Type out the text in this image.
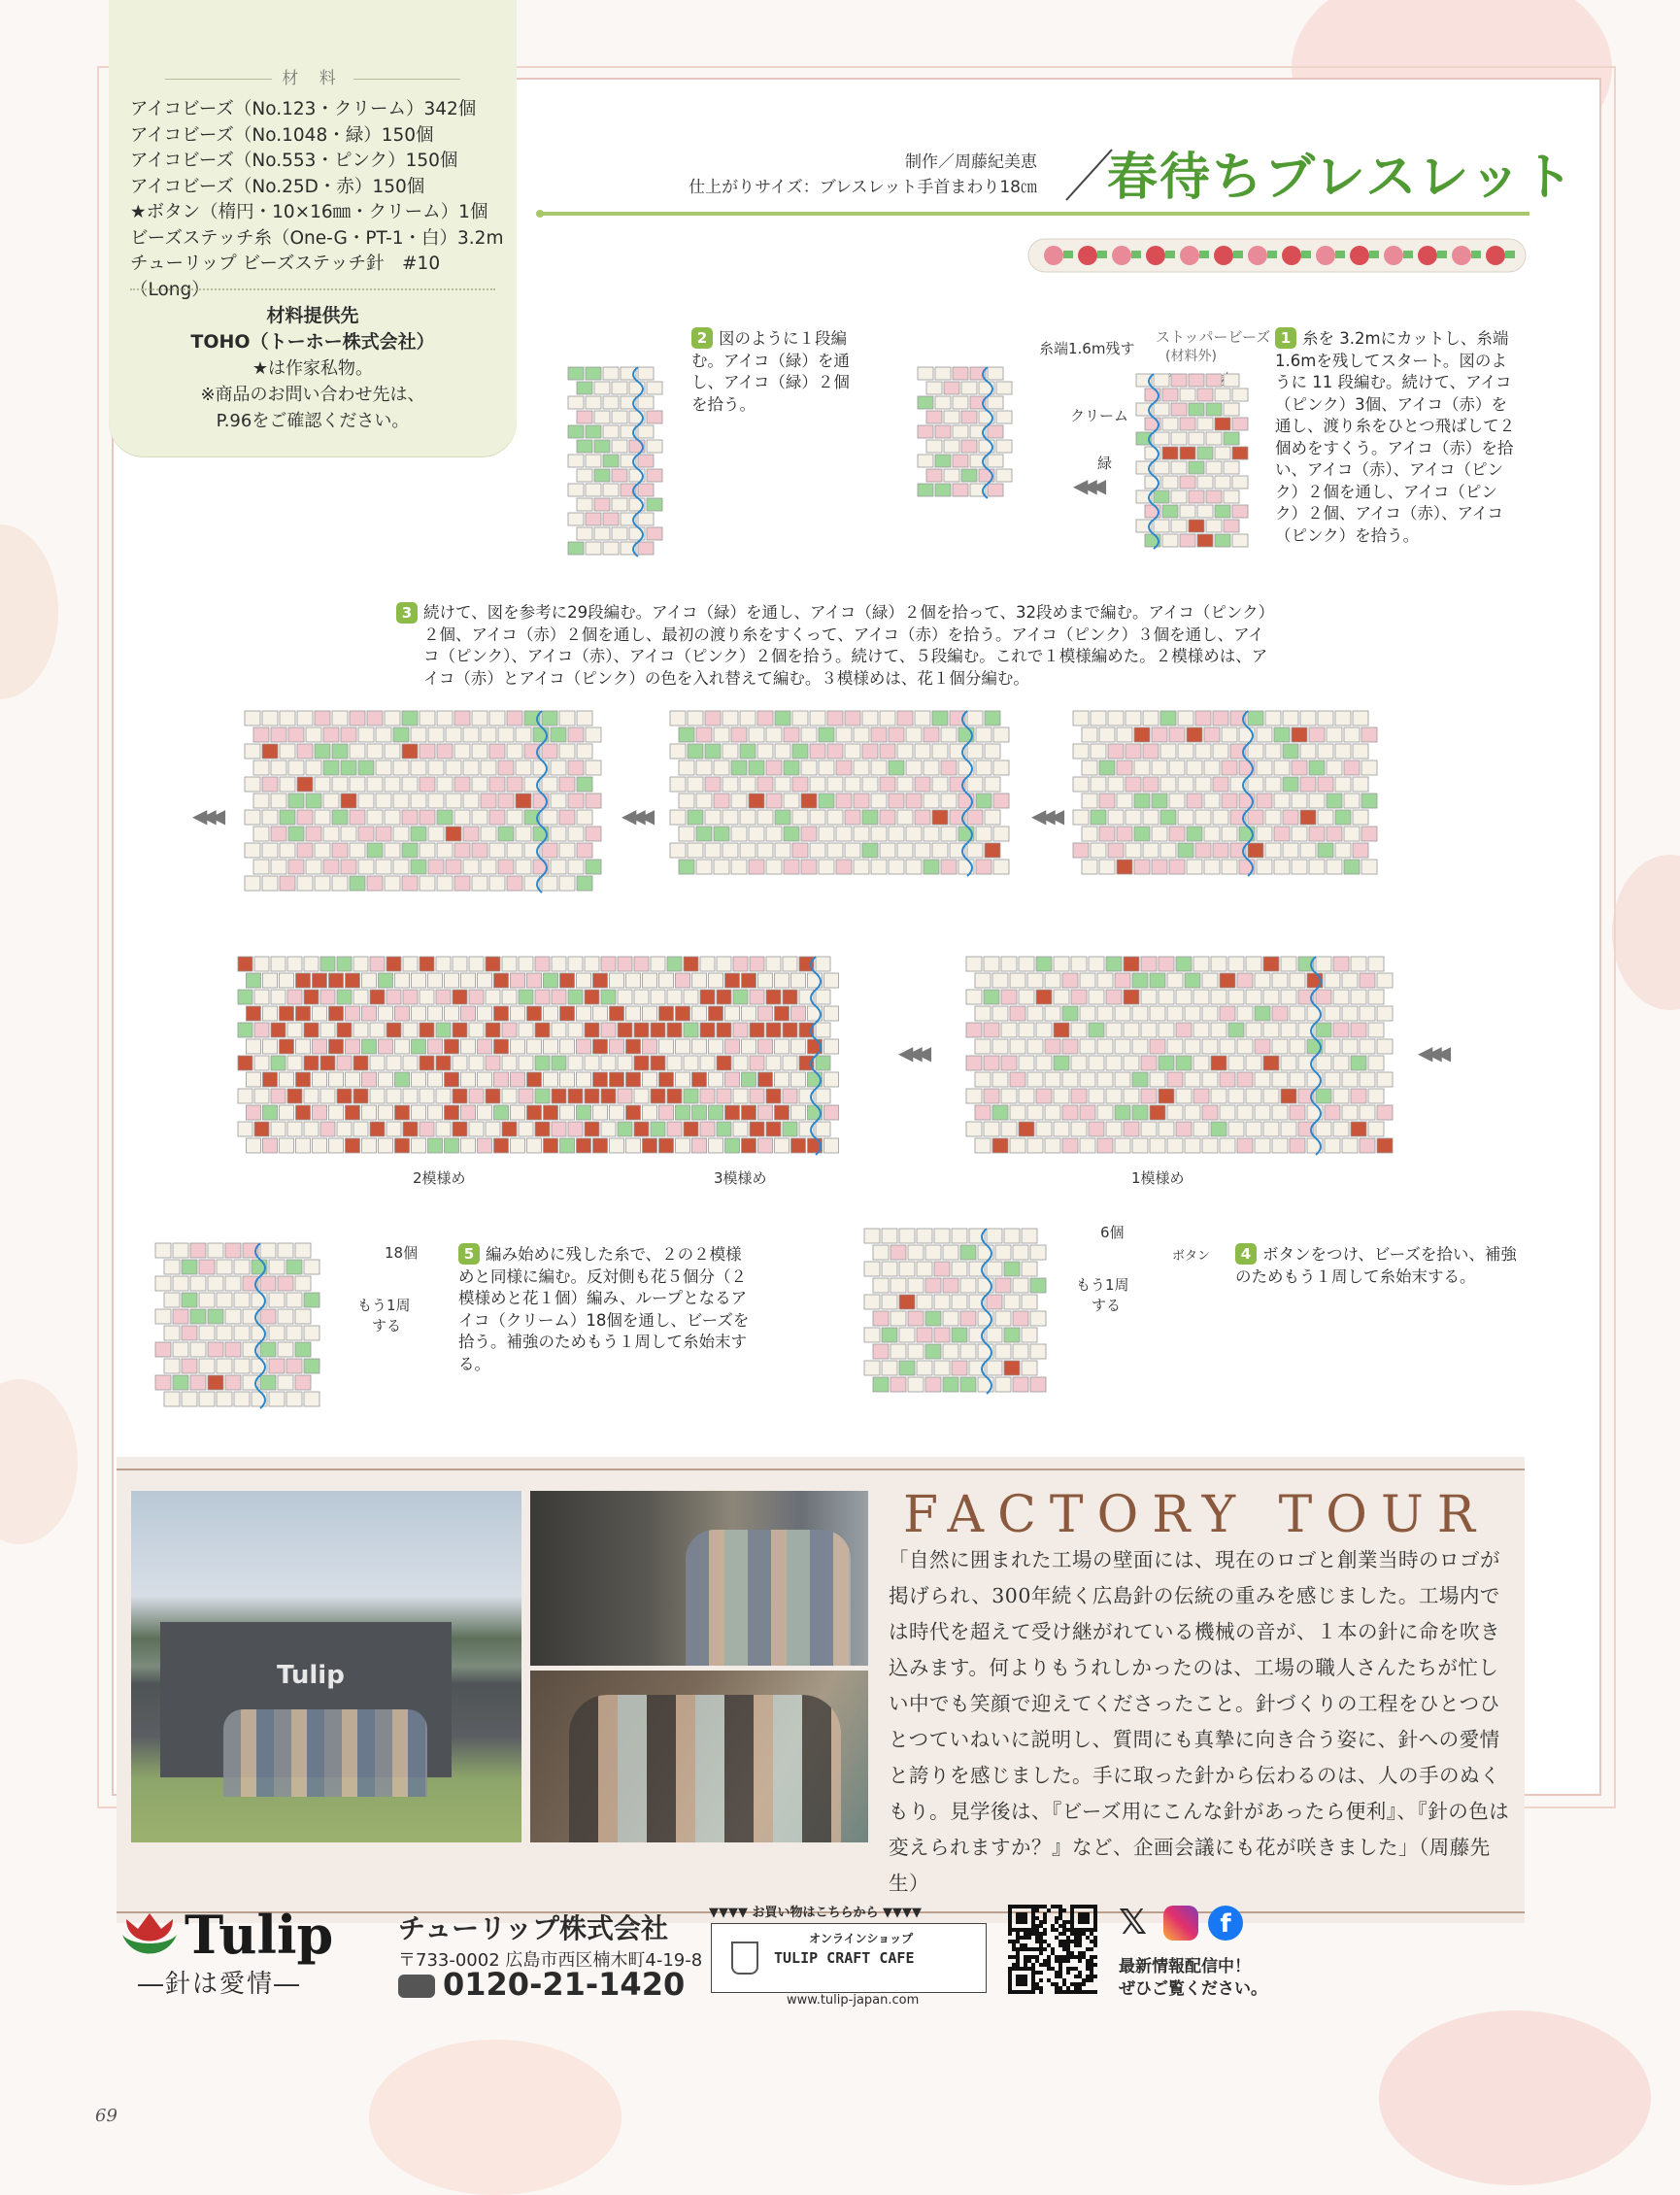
材 料
アイコビーズ（No.123・クリーム）342個
アイコビーズ（No.1048・緑）150個
アイコビーズ（No.553・ピンク）150個
アイコビーズ（No.25D・赤）150個
★ボタン（楕円・10×16㎜・クリーム）1個
ビーズステッチ糸（One-G・PT-1・白）3.2m
チューリップ ビーズステッチ針　#10（Long）
材料提供先
TOHO（トーホー株式会社）
★は作家私物。
※商品のお問い合わせ先は、
P.96をご確認ください。
制作／周藤紀美恵
仕上がりサイズ：ブレスレット手首まわり18㎝ 春待ちブレスレット
2 図のように１段編む。アイコ（緑）を通し、アイコ（緑）２個を拾う。
1 糸を 3.2mにカットし、糸端 1.6mを残してスタート。図のように 11 段編む。続けて、アイコ（ピンク）3個、アイコ（赤）を通し、渡り糸をひとつ飛ばして２個めをすくう。アイコ（赤）を拾い、アイコ（赤）、アイコ（ピンク）２個を通し、アイコ（ピンク）２個、アイコ（赤）、アイコ（ピンク）を拾う。
糸端1.6m残す
ストッパービーズ
(材料外)
クリーム
緑
◀◀◀
3 続けて、図を参考に29段編む。アイコ（緑）を通し、アイコ（緑）２個を拾って、32段めまで編む。アイコ（ピンク）２個、アイコ（赤）２個を通し、最初の渡り糸をすくって、アイコ（赤）を拾う。アイコ（ピンク）３個を通し、アイコ（ピンク）、アイコ（赤）、アイコ（ピンク）２個を拾う。続けて、５段編む。これで１模様編めた。２模様めは、アイコ（赤）とアイコ（ピンク）の色を入れ替えて編む。３模様めは、花１個分編む。
◀◀◀	◀◀◀	◀◀◀
◀◀◀	◀◀◀
2模様め	3模様め	1模様め
18個
もう1周
する
5 編み始めに残した糸で、２の２模様めと同様に編む。反対側も花５個分（２模様めと花１個）編み、ループとなるアイコ（クリーム）18個を通し、ビーズを拾う。補強のためもう１周して糸始末する。
6個
ボタン
もう1周
する
4 ボタンをつけ、ビーズを拾い、補強のためもう１周して糸始末する。
Tulip
FACTORY TOUR
「自然に囲まれた工場の壁面には、現在のロゴと創業当時のロゴが掲げられ、300年続く広島針の伝統の重みを感じました。工場内では時代を超えて受け継がれている機械の音が、１本の針に命を吹き込みます。何よりもうれしかったのは、工場の職人さんたちが忙しい中でも笑顔で迎えてくださったこと。針づくりの工程をひとつひとつていねいに説明し、質問にも真摯に向き合う姿に、針への愛情と誇りを感じました。手に取った針から伝わるのは、人の手のぬくもり。見学後は、『ビーズ用にこんな針があったら便利』、『針の色は変えられますか？』など、企画会議にも花が咲きました」（周藤先生）
Tulip
―針は愛情―
チューリップ株式会社
〒733-0002 広島市西区楠木町4-19-8
0120-21-1420
▼▼▼▼ お買い物はこちらから ▼▼▼▼
オンラインショップ
TULIP CRAFT CAFE
www.tulip-japan.com
𝕏	f
最新情報配信中！
ぜひご覧ください。
69
